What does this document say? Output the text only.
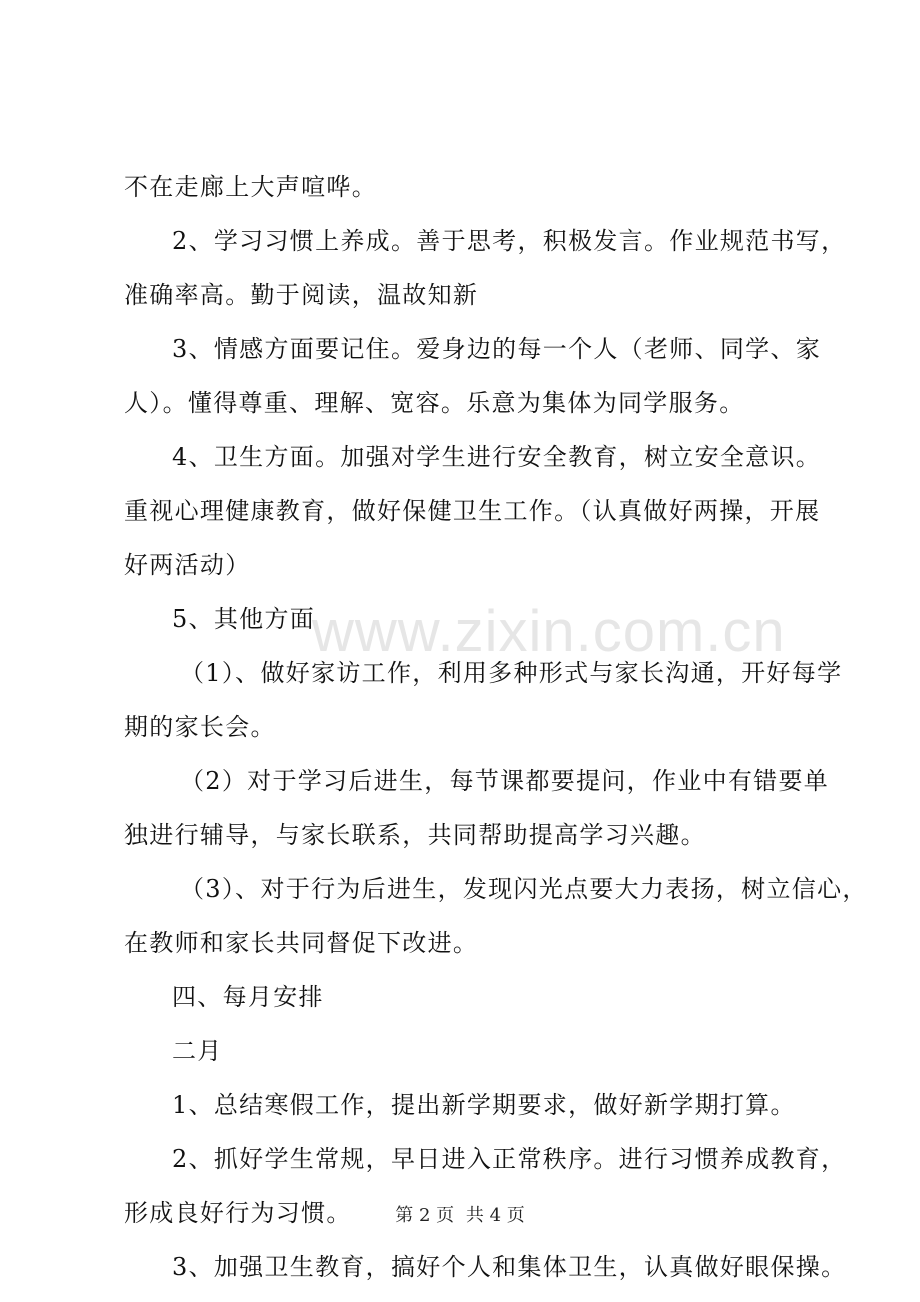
www.zixin.com.cn
不在走廊上大声喧哗。
2、学习习惯上养成。善于思考，积极发言。作业规范书写，
准确率高。勤于阅读，温故知新
3、情感方面要记住。爱身边的每一个人（老师、同学、家
人）。懂得尊重、理解、宽容。乐意为集体为同学服务。
4、卫生方面。加强对学生进行安全教育，树立安全意识。
重视心理健康教育，做好保健卫生工作。（认真做好两操，开展
好两活动）
5、其他方面
（1）、做好家访工作，利用多种形式与家长沟通，开好每学
期的家长会。
（2）对于学习后进生，每节课都要提问，作业中有错要单
独进行辅导，与家长联系，共同帮助提高学习兴趣。
（3）、对于行为后进生，发现闪光点要大力表扬，树立信心，
在教师和家长共同督促下改进。
四、每月安排
二月
1、总结寒假工作，提出新学期要求，做好新学期打算。
2、抓好学生常规，早日进入正常秩序。进行习惯养成教育，
形成良好行为习惯。
3、加强卫生教育，搞好个人和集体卫生，认真做好眼保操。
第 2 页 共 4 页
